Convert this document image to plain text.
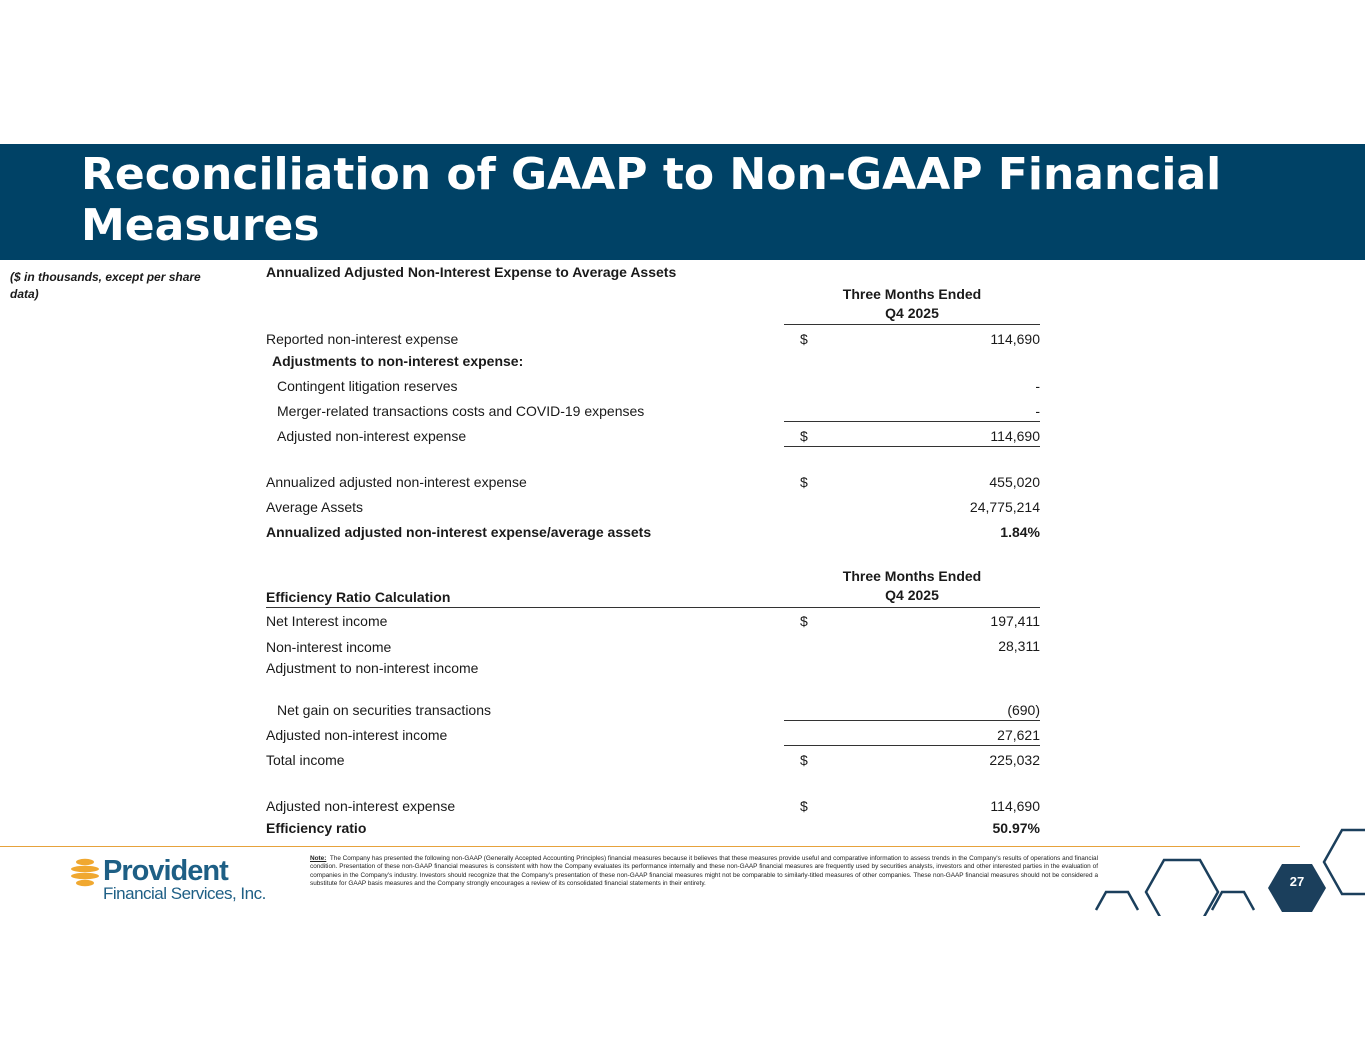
Reconciliation of GAAP to Non-GAAP Financial
Measures
($ in thousands, except per share data)
Annualized Adjusted Non-Interest Expense to Average Assets
Three Months Ended
Q4 2025
Reported non-interest expense	$	114,690
Adjustments to non-interest expense:
Contingent litigation reserves	-
Merger-related transactions costs and COVID-19 expenses	-
Adjusted non-interest expense	$	114,690
Annualized adjusted non-interest expense	$	455,020
Average Assets	24,775,214
Annualized adjusted non-interest expense/average assets	1.84%
Three Months Ended
Q4 2025
Efficiency Ratio Calculation
Net Interest income	$	197,411
Non-interest income	28,311
Adjustment to non-interest income
Net gain on securities transactions	(690)
Adjusted non-interest income	27,621
Total income	$	225,032
Adjusted non-interest expense	$	114,690
Efficiency ratio	50.97%
Provident
Financial Services, Inc.
Note: The Company has presented the following non-GAAP (Generally Accepted Accounting Principles) financial measures because it believes that these measures provide useful and comparative information to assess trends in the Company's results of operations and financial condition. Presentation of these non-GAAP financial measures is consistent with how the Company evaluates its performance internally and these non-GAAP financial measures are frequently used by securities analysts, investors and other interested parties in the evaluation of companies in the Company's industry. Investors should recognize that the Company's presentation of these non-GAAP financial measures might not be comparable to similarly-titled measures of other companies. These non-GAAP financial measures should not be considered a substitute for GAAP basis measures and the Company strongly encourages a review of its consolidated financial statements in their entirety.	27
